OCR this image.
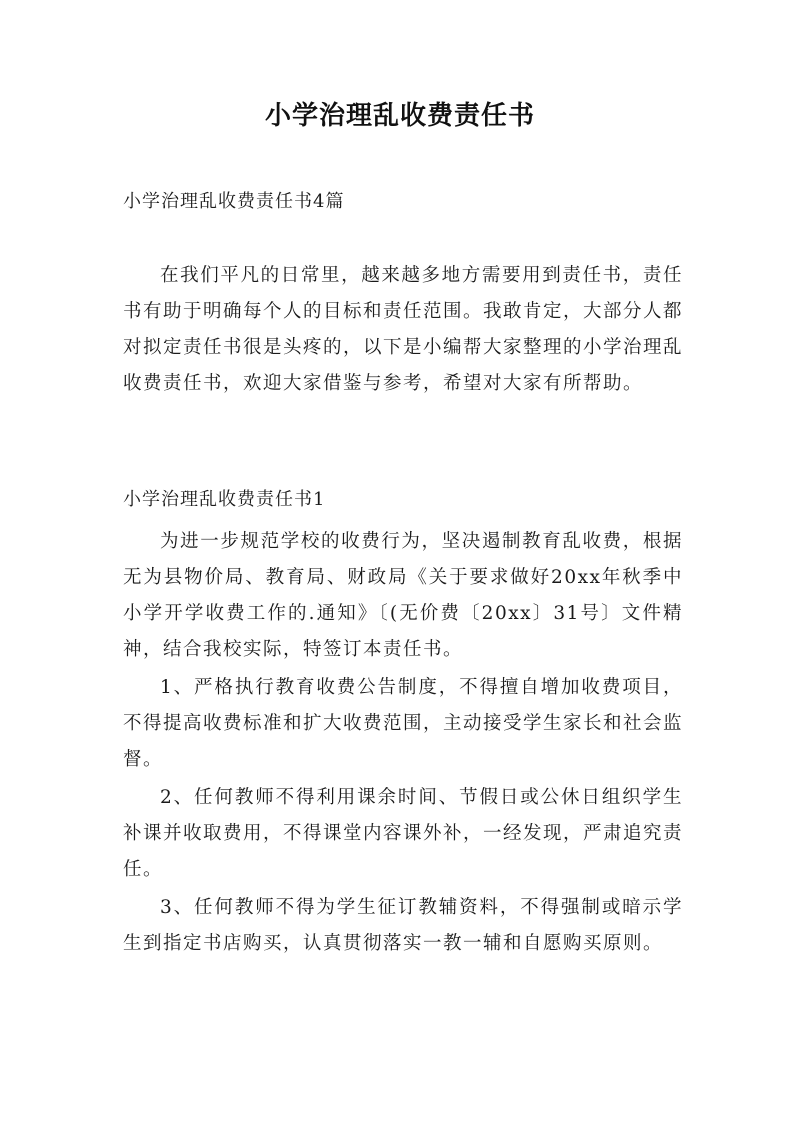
小学治理乱收费责任书
小学治理乱收费责任书4篇

在我们平凡的日常里，越来越多地方需要用到责任书，责任书有助于明确每个人的目标和责任范围。我敢肯定，大部分人都对拟定责任书很是头疼的，以下是小编帮大家整理的小学治理乱收费责任书，欢迎大家借鉴与参考，希望对大家有所帮助。

小学治理乱收费责任书1

为进一步规范学校的收费行为，坚决遏制教育乱收费，根据无为县物价局、教育局、财政局《关于要求做好20xx年秋季中小学开学收费工作的.通知》〔(无价费〔20xx〕31号〕文件精神，结合我校实际，特签订本责任书。

1、严格执行教育收费公告制度，不得擅自增加收费项目，不得提高收费标准和扩大收费范围，主动接受学生家长和社会监督。

2、任何教师不得利用课余时间、节假日或公休日组织学生补课并收取费用，不得课堂内容课外补，一经发现，严肃追究责任。

3、任何教师不得为学生征订教辅资料，不得强制或暗示学生到指定书店购买，认真贯彻落实一教一辅和自愿购买原则。
